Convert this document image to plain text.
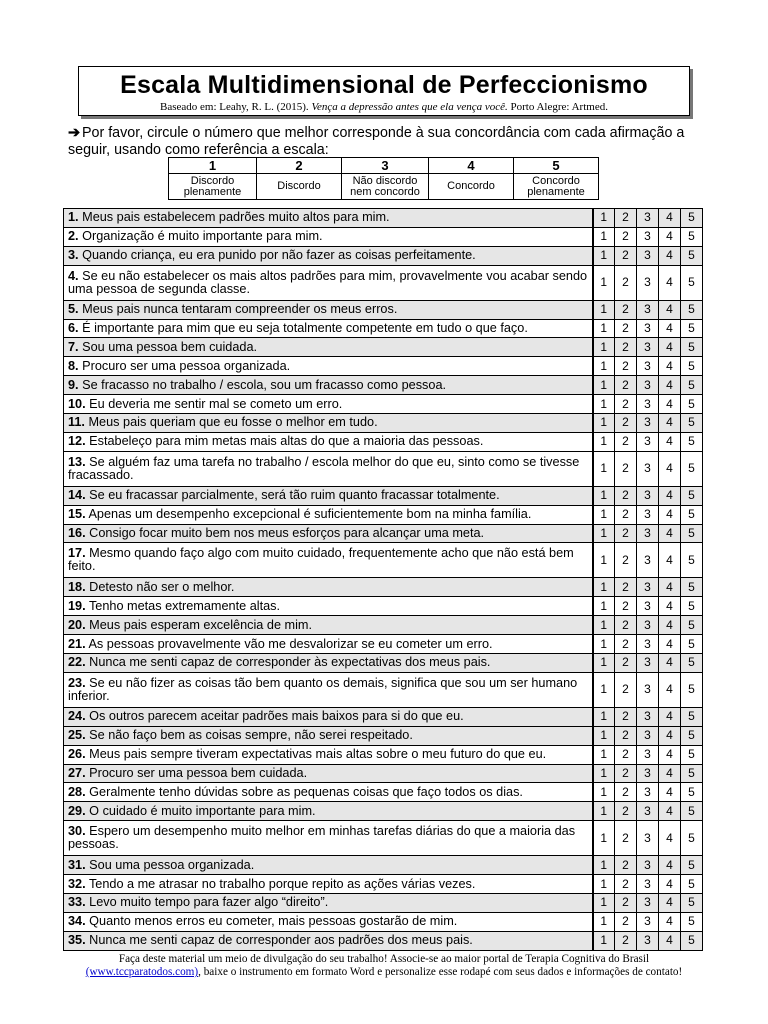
Escala Multidimensional de Perfeccionismo
Baseado em: Leahy, R. L. (2015). Vença a depressão antes que ela vença você. Porto Alegre: Artmed.
➔ Por favor, circule o número que melhor corresponde à sua concordância com cada afirmação a seguir, usando como referência a escala:
1	2	3	4	5
Discordo plenamente	Discordo	Não discordo nem concordo	Concordo	Concordo plenamente
1. Meus pais estabelecem padrões muito altos para mim.	1	2	3	4	5
2. Organização é muito importante para mim.	1	2	3	4	5
3. Quando criança, eu era punido por não fazer as coisas perfeitamente.	1	2	3	4	5
4. Se eu não estabelecer os mais altos padrões para mim, provavelmente vou acabar sendo uma pessoa de segunda classe.	1	2	3	4	5
5. Meus pais nunca tentaram compreender os meus erros.	1	2	3	4	5
6. É importante para mim que eu seja totalmente competente em tudo o que faço.	1	2	3	4	5
7. Sou uma pessoa bem cuidada.	1	2	3	4	5
8. Procuro ser uma pessoa organizada.	1	2	3	4	5
9. Se fracasso no trabalho / escola, sou um fracasso como pessoa.	1	2	3	4	5
10. Eu deveria me sentir mal se cometo um erro.	1	2	3	4	5
11. Meus pais queriam que eu fosse o melhor em tudo.	1	2	3	4	5
12. Estabeleço para mim metas mais altas do que a maioria das pessoas.	1	2	3	4	5
13. Se alguém faz uma tarefa no trabalho / escola melhor do que eu, sinto como se tivesse fracassado.	1	2	3	4	5
14. Se eu fracassar parcialmente, será tão ruim quanto fracassar totalmente.	1	2	3	4	5
15. Apenas um desempenho excepcional é suficientemente bom na minha família.	1	2	3	4	5
16. Consigo focar muito bem nos meus esforços para alcançar uma meta.	1	2	3	4	5
17. Mesmo quando faço algo com muito cuidado, frequentemente acho que não está bem feito.	1	2	3	4	5
18. Detesto não ser o melhor.	1	2	3	4	5
19. Tenho metas extremamente altas.	1	2	3	4	5
20. Meus pais esperam excelência de mim.	1	2	3	4	5
21. As pessoas provavelmente vão me desvalorizar se eu cometer um erro.	1	2	3	4	5
22. Nunca me senti capaz de corresponder às expectativas dos meus pais.	1	2	3	4	5
23. Se eu não fizer as coisas tão bem quanto os demais, significa que sou um ser humano inferior.	1	2	3	4	5
24. Os outros parecem aceitar padrões mais baixos para si do que eu.	1	2	3	4	5
25. Se não faço bem as coisas sempre, não serei respeitado.	1	2	3	4	5
26. Meus pais sempre tiveram expectativas mais altas sobre o meu futuro do que eu.	1	2	3	4	5
27. Procuro ser uma pessoa bem cuidada.	1	2	3	4	5
28. Geralmente tenho dúvidas sobre as pequenas coisas que faço todos os dias.	1	2	3	4	5
29. O cuidado é muito importante para mim.	1	2	3	4	5
30. Espero um desempenho muito melhor em minhas tarefas diárias do que a maioria das pessoas.	1	2	3	4	5
31. Sou uma pessoa organizada.	1	2	3	4	5
32. Tendo a me atrasar no trabalho porque repito as ações várias vezes.	1	2	3	4	5
33. Levo muito tempo para fazer algo “direito”.	1	2	3	4	5
34. Quanto menos erros eu cometer, mais pessoas gostarão de mim.	1	2	3	4	5
35. Nunca me senti capaz de corresponder aos padrões dos meus pais.	1	2	3	4	5
Faça deste material um meio de divulgação do seu trabalho! Associe-se ao maior portal de Terapia Cognitiva do Brasil
(www.tccparatodos.com), baixe o instrumento em formato Word e personalize esse rodapé com seus dados e informações de contato!
